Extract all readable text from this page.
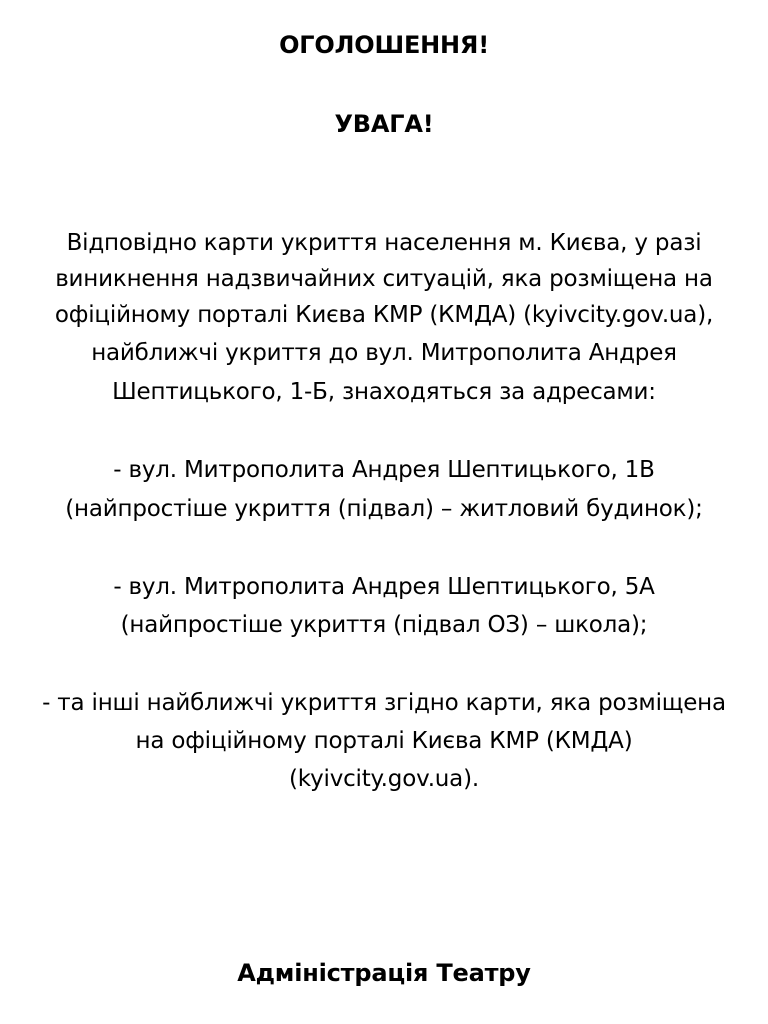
ОГОЛОШЕННЯ!
УВАГА!
Відповідно карти укриття населення м. Києва, у разі
виникнення надзвичайних ситуацій, яка розміщена на
офіційному порталі Києва КМР (КМДА) (kyivcity.gov.ua),
найближчі укриття до вул. Митрополита Андрея
Шептицького, 1-Б, знаходяться за адресами:
- вул. Митрополита Андрея Шептицького, 1В
(найпростіше укриття (підвал) – житловий будинок);
- вул. Митрополита Андрея Шептицького, 5А
(найпростіше укриття (підвал ОЗ) – школа);
- та інші найближчі укриття згідно карти, яка розміщена
на офіційному порталі Києва КМР (КМДА)
(kyivcity.gov.ua).
Адміністрація Театру
